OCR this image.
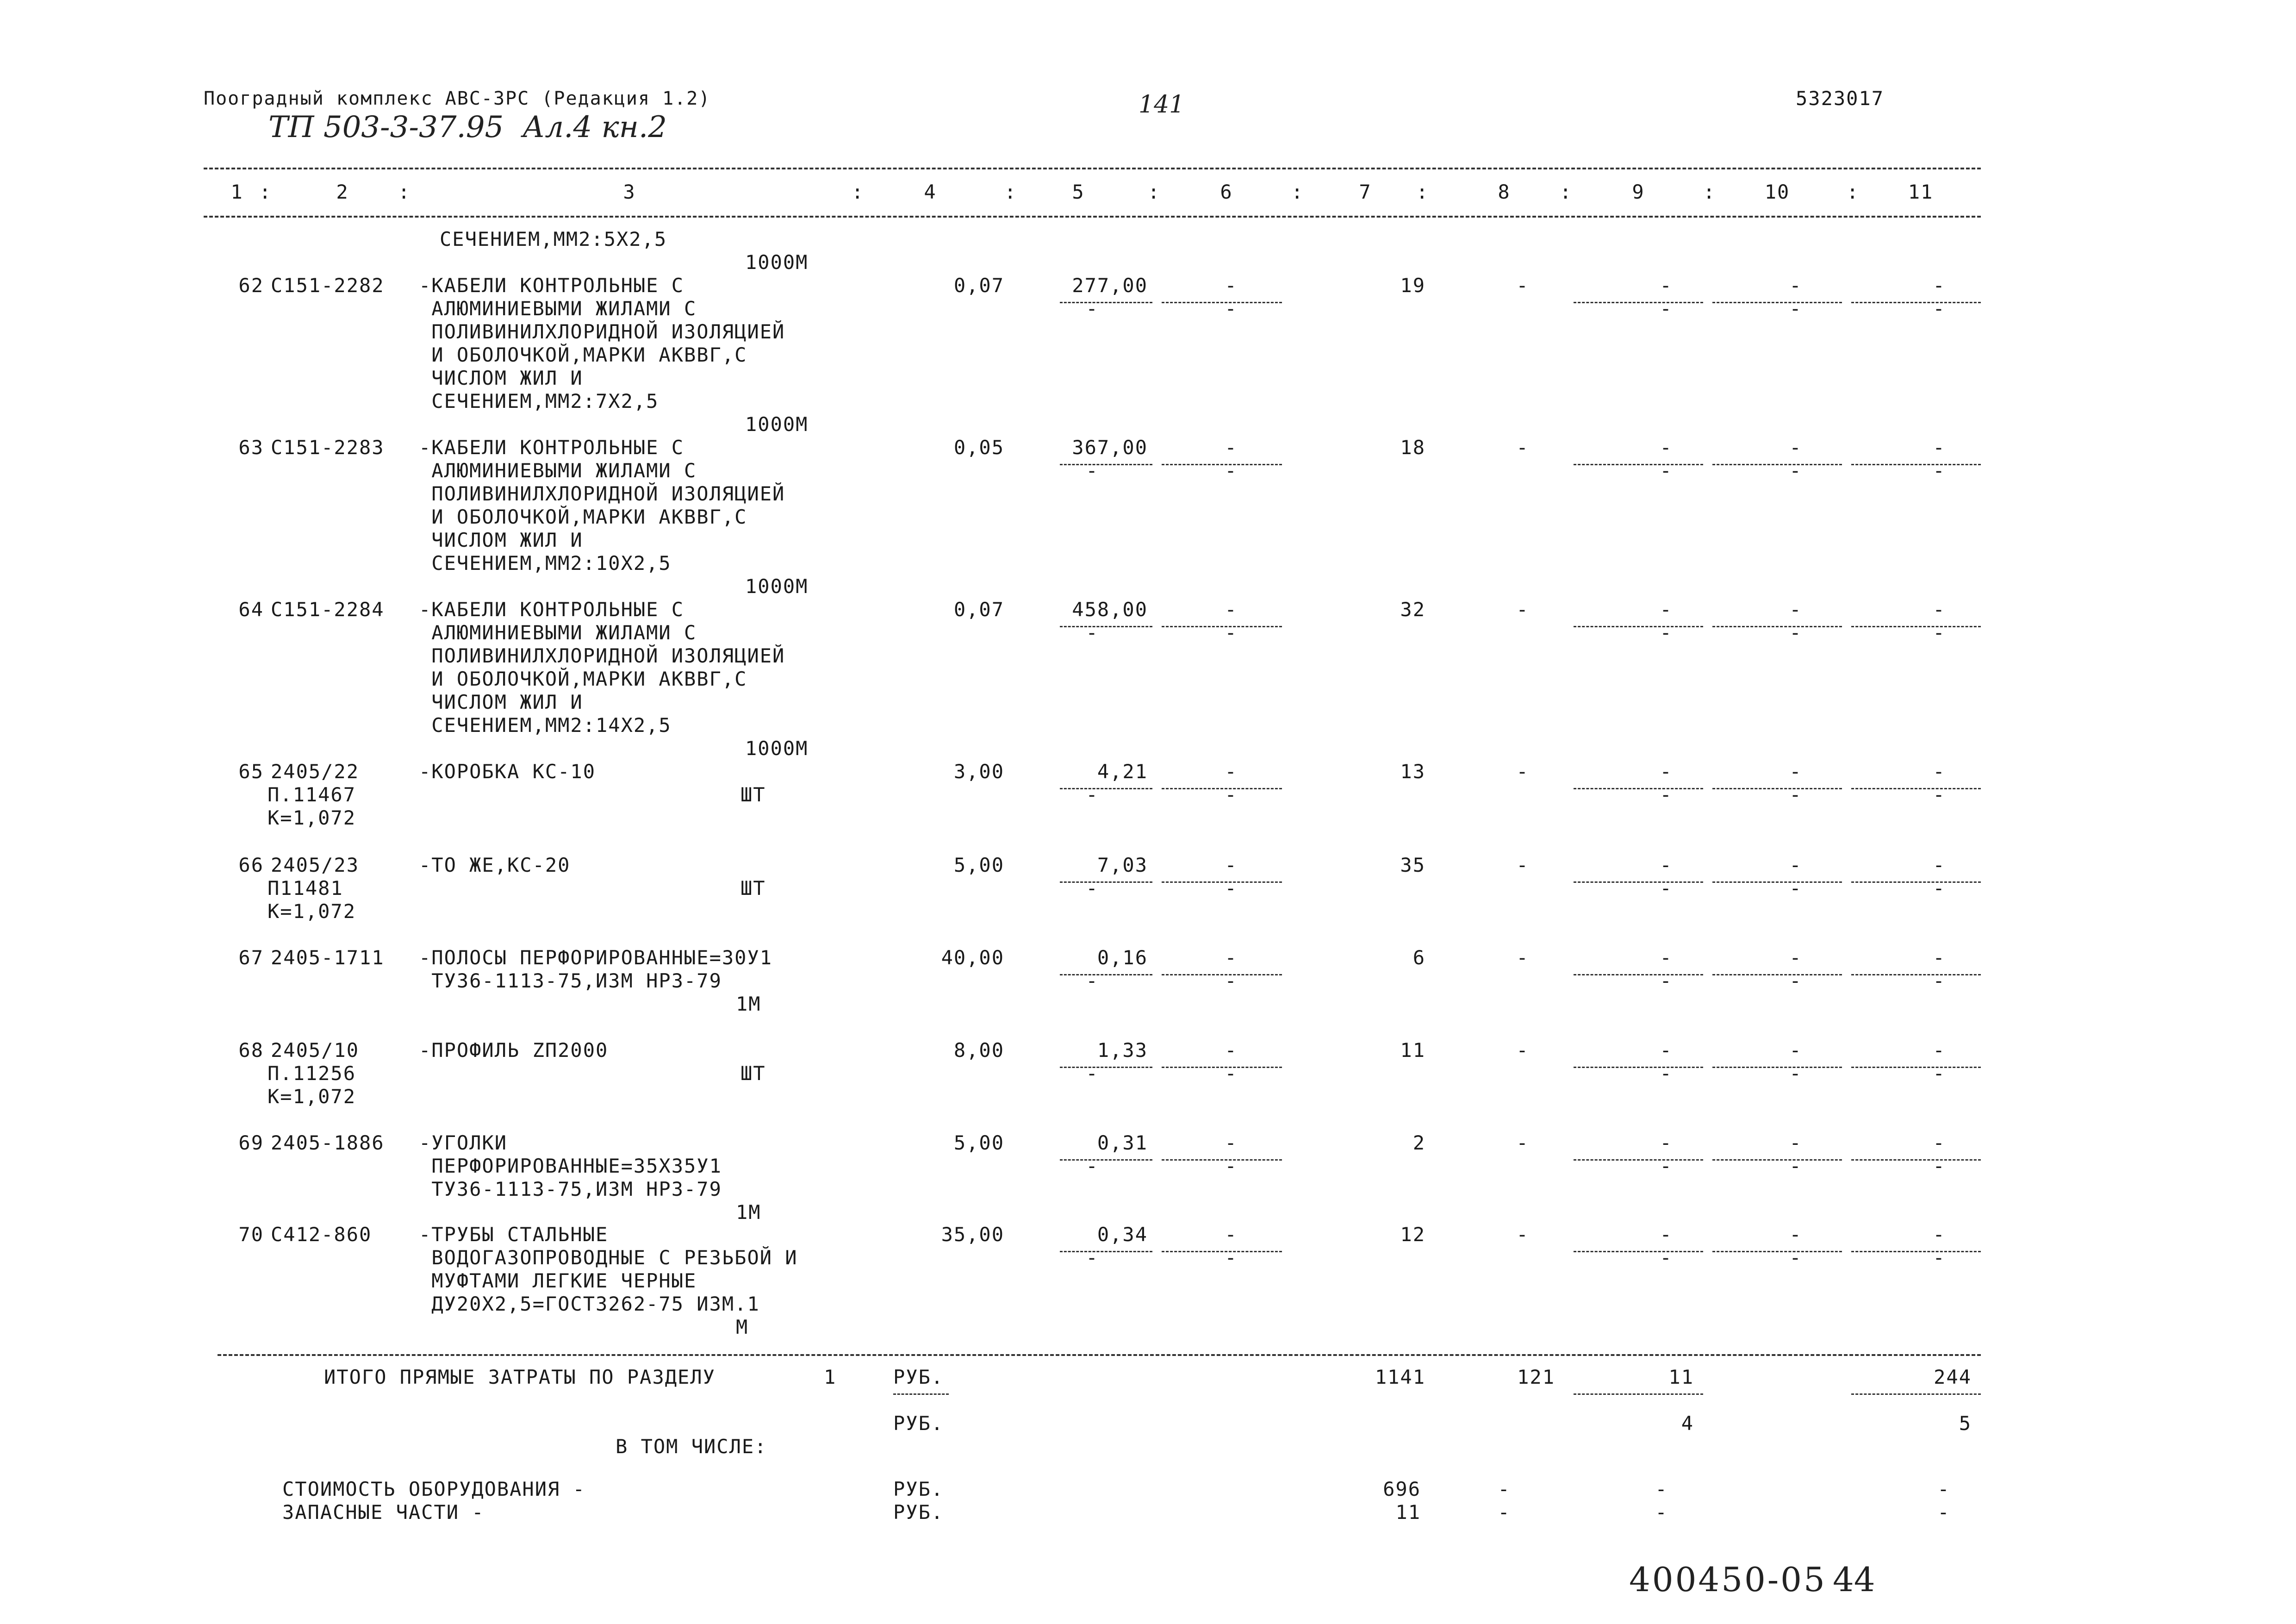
Пооградный комплекс АВС-ЗРС (Редакция 1.2)
ТП 503-3-37.95  Ал.4 кн.2
141	5323017
1	2	3	4	5	6	7	8	9	10	11
:	:	:	:	:	:	:	:	:	:
СЕЧЕНИЕМ,ММ2:5Х2,5
1000М
62 С151-2282 -КАБЕЛИ КОНТРОЛЬНЫЕ С
АЛЮМИНИЕВЫМИ ЖИЛАМИ С
ПОЛИВИНИЛХЛОРИДНОЙ ИЗОЛЯЦИЕЙ
И ОБОЛОЧКОЙ,МАРКИ АКВВГ,С
ЧИСЛОМ ЖИЛ И
СЕЧЕНИЕМ,ММ2:7Х2,5
1000М
0,07	277,00	-	19	-	-	-	-
-	-	-	-	-
63 С151-2283 -КАБЕЛИ КОНТРОЛЬНЫЕ С
АЛЮМИНИЕВЫМИ ЖИЛАМИ С
ПОЛИВИНИЛХЛОРИДНОЙ ИЗОЛЯЦИЕЙ
И ОБОЛОЧКОЙ,МАРКИ АКВВГ,С
ЧИСЛОМ ЖИЛ И
СЕЧЕНИЕМ,ММ2:10Х2,5
1000М
0,05	367,00	-	18	-	-	-	-
-	-	-	-	-
64 С151-2284 -КАБЕЛИ КОНТРОЛЬНЫЕ С
АЛЮМИНИЕВЫМИ ЖИЛАМИ С
ПОЛИВИНИЛХЛОРИДНОЙ ИЗОЛЯЦИЕЙ
И ОБОЛОЧКОЙ,МАРКИ АКВВГ,С
ЧИСЛОМ ЖИЛ И
СЕЧЕНИЕМ,ММ2:14Х2,5
1000М
0,07	458,00	-	32	-	-	-	-
-	-	-	-	-
65 2405/22
П.11467
К=1,072
-КОРОБКА КС-10
ШТ
3,00	4,21	-	13	-	-	-	-
-	-	-	-	-
66 2405/23
П11481
К=1,072
-ТО ЖЕ,КС-20
ШТ
5,00	7,03	-	35	-	-	-	-
-	-	-	-	-
67 2405-1711 -ПОЛОСЫ ПЕРФОРИРОВАННЫЕ=30У1
ТУ36-1113-75,ИЗМ НР3-79
1М
40,00	0,16	-	6	-	-	-	-
-	-	-	-	-
68 2405/10
П.11256
К=1,072
-ПРОФИЛЬ ZП2000
ШТ
8,00	1,33	-	11	-	-	-	-
-	-	-	-	-
69 2405-1886 -УГОЛКИ
ПЕРФОРИРОВАННЫЕ=35Х35У1
ТУ36-1113-75,ИЗМ НР3-79
1М
5,00	0,31	-	2	-	-	-	-
-	-	-	-	-
70 С412-860 -ТРУБЫ СТАЛЬНЫЕ
ВОДОГАЗОПРОВОДНЫЕ С РЕЗЬБОЙ И
МУФТАМИ ЛЕГКИЕ ЧЕРНЫЕ
ДУ20Х2,5=ГОСТ3262-75 ИЗМ.1
М
35,00	0,34	-	12	-	-	-	-
-	-	-	-	-
ИТОГО ПРЯМЫЕ ЗАТРАТЫ ПО РАЗДЕЛУ	1	РУБ.	1141	121	11	244
РУБ.	4	5
В ТОМ ЧИСЛЕ:
СТОИМОСТЬ ОБОРУДОВАНИЯ -	РУБ.	696	-	-	-
ЗАПАСНЫЕ ЧАСТИ -	РУБ.	11	-	-	-
400450-05 44
